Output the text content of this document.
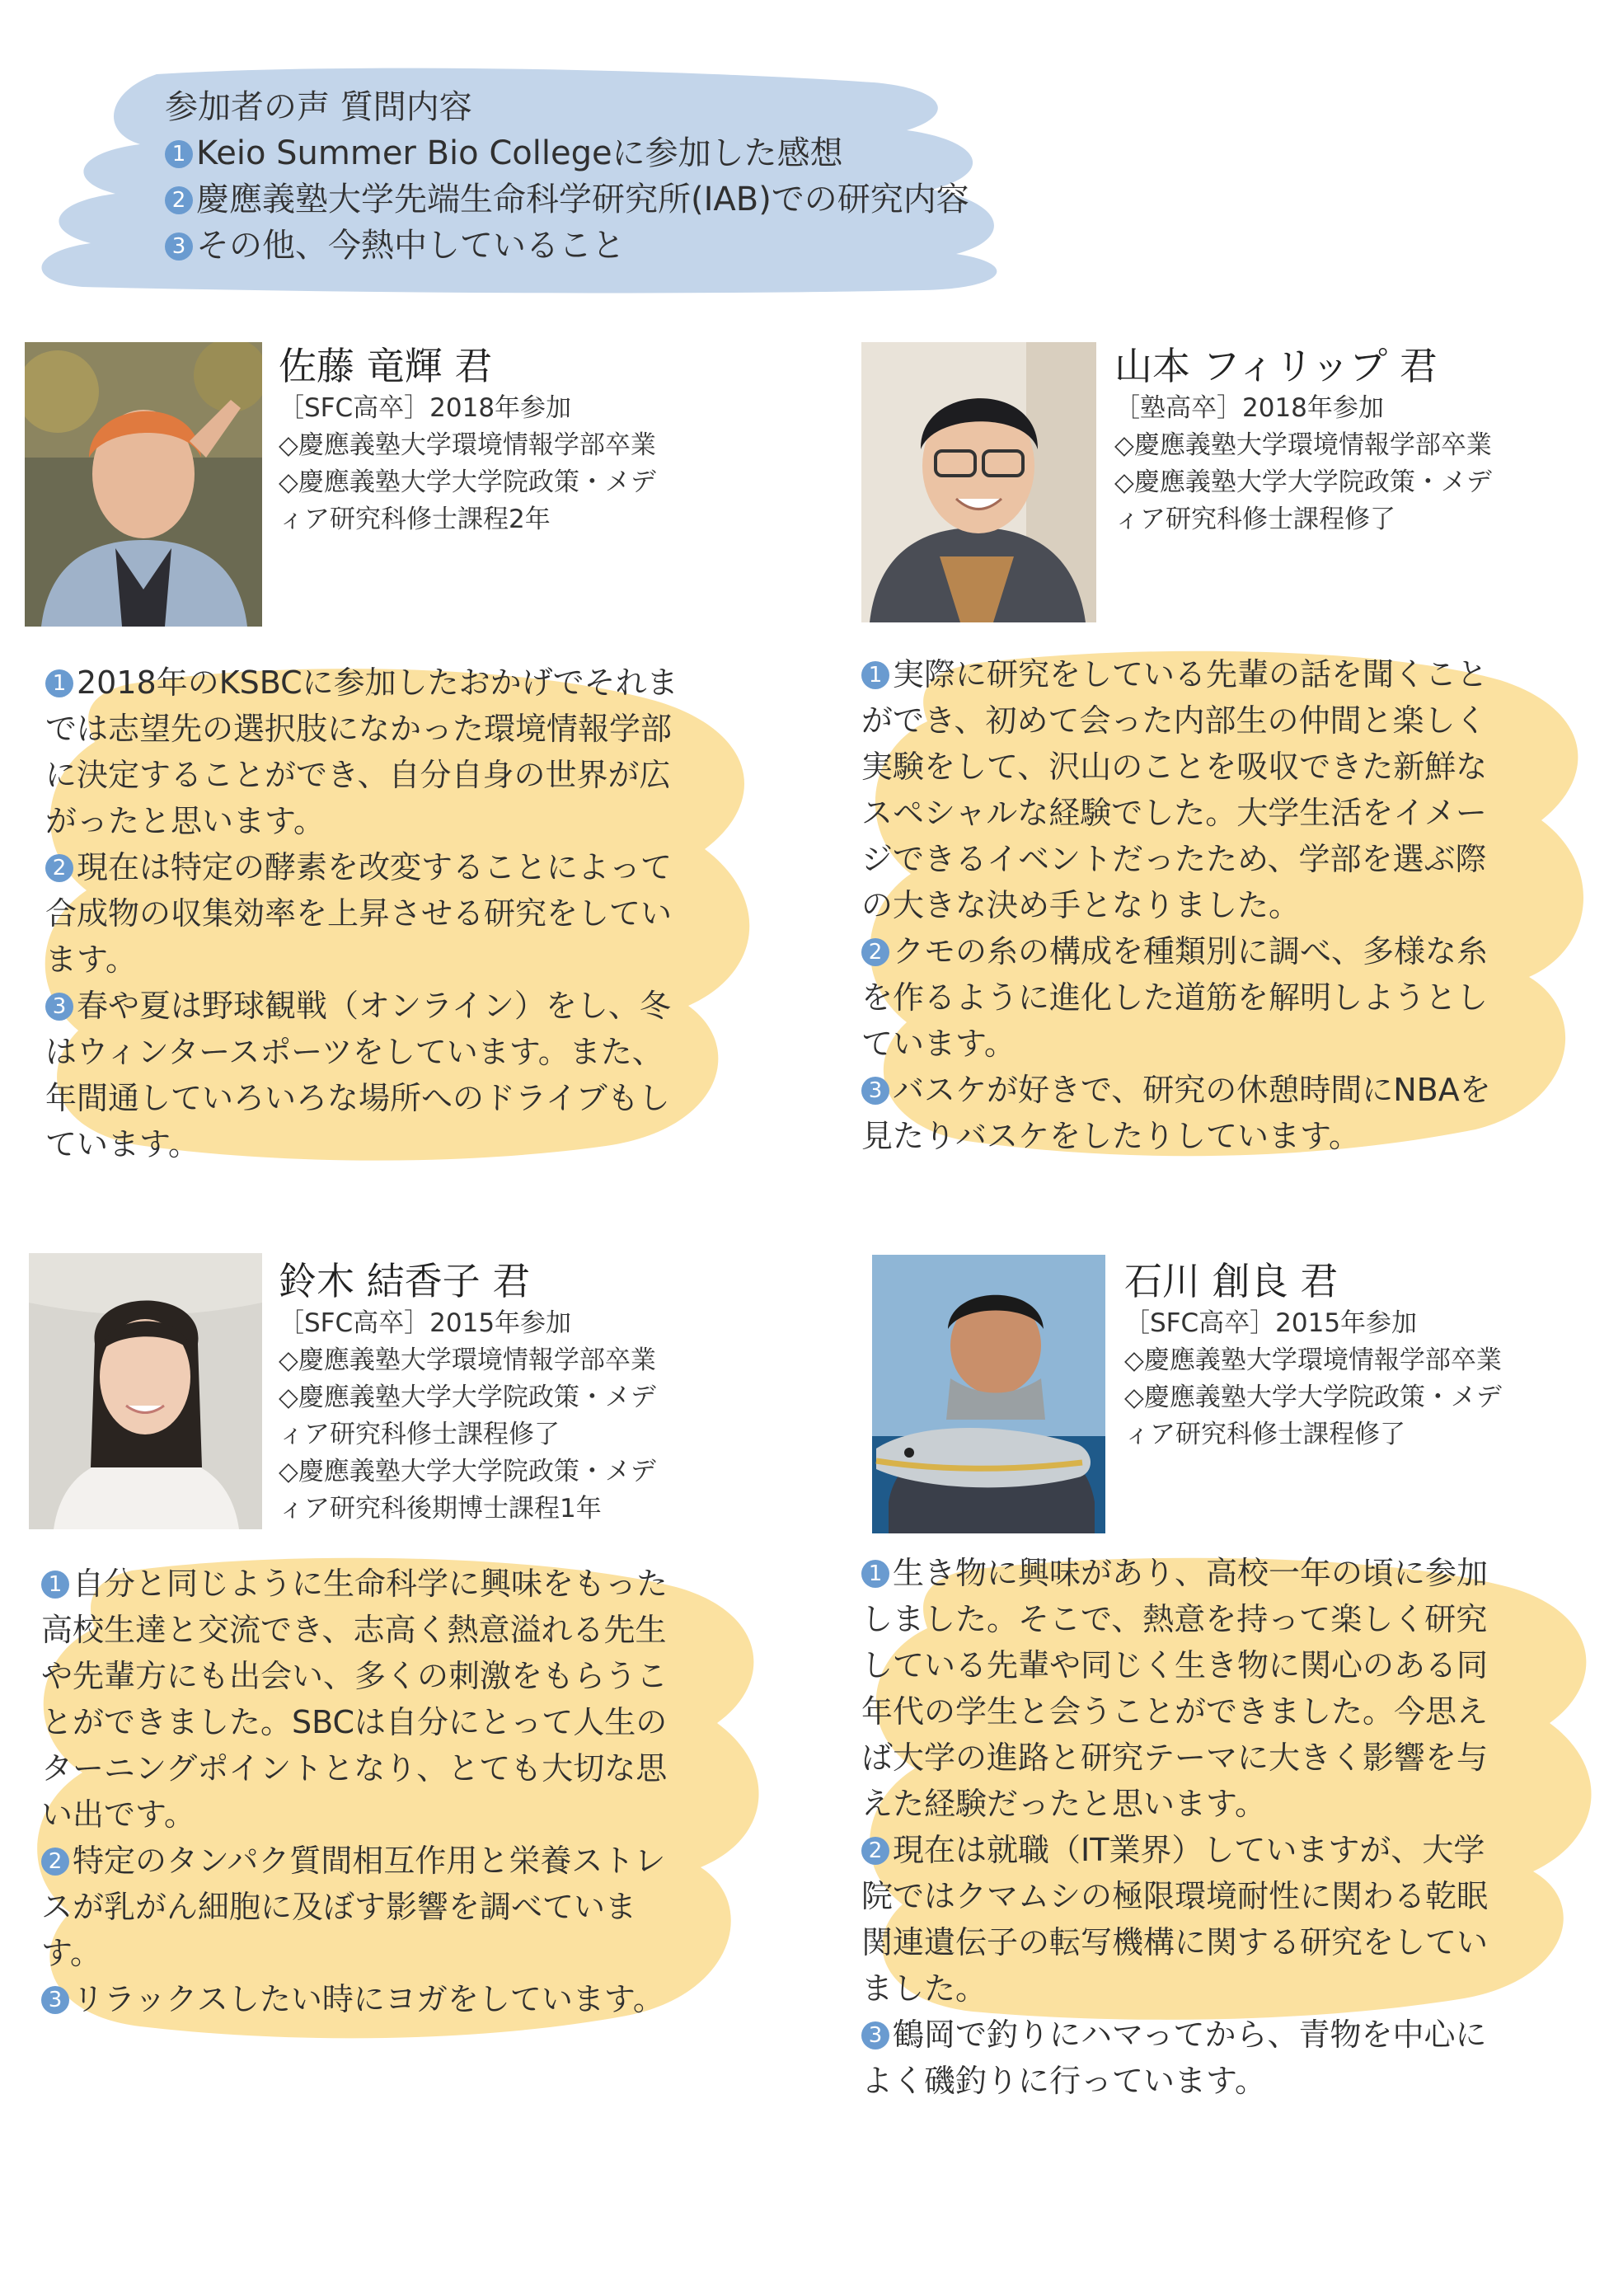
参加者の声 質問内容
1 Keio Summer Bio Collegeに参加した感想
2 慶應義塾大学先端生命科学研究所(IAB)での研究内容
3 その他、今熱中していること
佐藤 竜輝 君
［SFC高卒］2018年参加
◇慶應義塾大学環境情報学部卒業
◇慶應義塾大学大学院政策・メデ
ィア研究科修士課程2年
1 2018年のKSBCに参加したおかげでそれま
では志望先の選択肢になかった環境情報学部
に決定することができ、自分自身の世界が広
がったと思います。
2 現在は特定の酵素を改変することによって
合成物の収集効率を上昇させる研究をしてい
ます。
3 春や夏は野球観戦（オンライン）をし、冬
はウィンタースポーツをしています。また、
年間通していろいろな場所へのドライブもし
ています。
山本 フィリップ 君
［塾高卒］2018年参加
◇慶應義塾大学環境情報学部卒業
◇慶應義塾大学大学院政策・メデ
ィア研究科修士課程修了
1 実際に研究をしている先輩の話を聞くこと
ができ、初めて会った内部生の仲間と楽しく
実験をして、沢山のことを吸収できた新鮮な
スペシャルな経験でした。大学生活をイメー
ジできるイベントだったため、学部を選ぶ際
の大きな決め手となりました。
2 クモの糸の構成を種類別に調べ、多様な糸
を作るように進化した道筋を解明しようとし
ています。
3 バスケが好きで、研究の休憩時間にNBAを
見たりバスケをしたりしています。
鈴木 結香子 君
［SFC高卒］2015年参加
◇慶應義塾大学環境情報学部卒業
◇慶應義塾大学大学院政策・メデ
ィア研究科修士課程修了
◇慶應義塾大学大学院政策・メデ
ィア研究科後期博士課程1年
1 自分と同じように生命科学に興味をもった
高校生達と交流でき、志高く熱意溢れる先生
や先輩方にも出会い、多くの刺激をもらうこ
とができました。SBCは自分にとって人生の
ターニングポイントとなり、とても大切な思
い出です。
2 特定のタンパク質間相互作用と栄養ストレ
スが乳がん細胞に及ぼす影響を調べていま
す。
3 リラックスしたい時にヨガをしています。
石川 創良 君
［SFC高卒］2015年参加
◇慶應義塾大学環境情報学部卒業
◇慶應義塾大学大学院政策・メデ
ィア研究科修士課程修了
1 生き物に興味があり、高校一年の頃に参加
しました。そこで、熱意を持って楽しく研究
している先輩や同じく生き物に関心のある同
年代の学生と会うことができました。今思え
ば大学の進路と研究テーマに大きく影響を与
えた経験だったと思います。
2 現在は就職（IT業界）していますが、大学
院ではクマムシの極限環境耐性に関わる乾眠
関連遺伝子の転写機構に関する研究をしてい
ました。
3 鶴岡で釣りにハマってから、青物を中心に
よく磯釣りに行っています。
